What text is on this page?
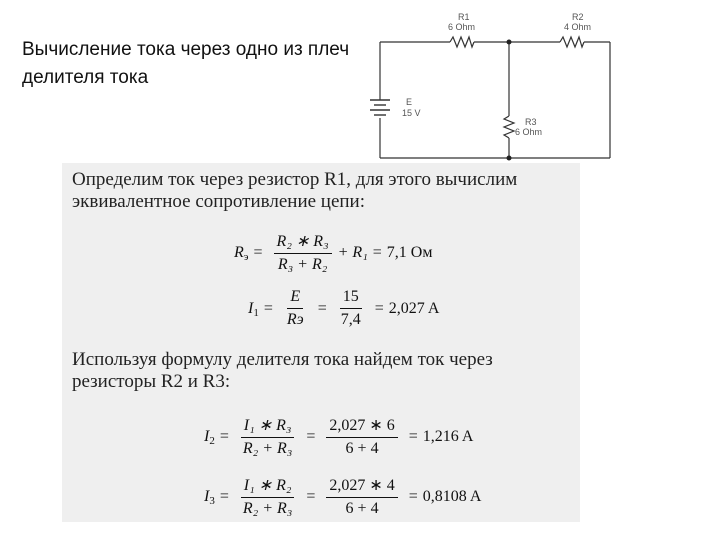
Вычисление тока через одно из плеч делителя тока
R1
6 Ohm
R2
4 Ohm
R3
6 Ohm
E
15 V
Определим ток через резистор R1, для этого вычислим эквивалентное сопротивление цепи:
R $э = \frac{\text{R₂ ∗ R₃}}{\text{R₃ + R₂}} + R_1 = 7,1$ Ом
I $1 = \frac{E}{Rэ} = \frac{15}{7,4} = 2,027$ A
Используя формулу делителя тока найдем ток через резисторы R2 и R3:
I $2 = \frac{\text{I₁ ∗ R₃}}{\text{R₂ + R₃}} = \frac{2,027 ∗ 6}{6 + 4} = 1,216$ A
I $3 = \frac{\text{I₁ ∗ R₂}}{\text{R₂ + R₃}} = \frac{2,027 ∗ 4}{6 + 4} = 0,8108$ A
